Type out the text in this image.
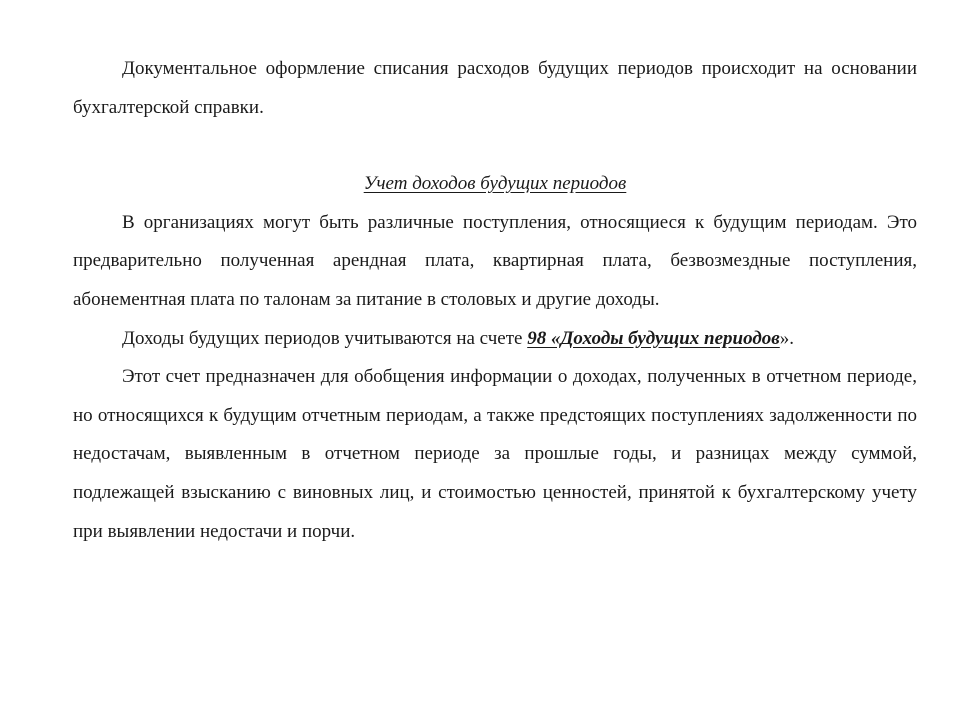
Документальное оформление списания расходов будущих периодов происходит на основании бухгалтерской справки.

Учет доходов будущих периодов

В организациях могут быть различные поступления, относящиеся к будущим периодам. Это предварительно полученная арендная плата, квартирная плата, безвозмездные поступления, абонементная плата по талонам за питание в столовых и другие доходы.

Доходы будущих периодов учитываются на счете 98 «Доходы будущих периодов».

Этот счет предназначен для обобщения информации о доходах, полученных в отчетном периоде, но относящихся к будущим отчетным периодам, а также предстоящих поступлениях задолженности по недостачам, выявленным в отчетном периоде за прошлые годы, и разницах между суммой, подлежащей взысканию с виновных лиц, и стоимостью ценностей, принятой к бухгалтерскому учету при выявлении недостачи и порчи.
